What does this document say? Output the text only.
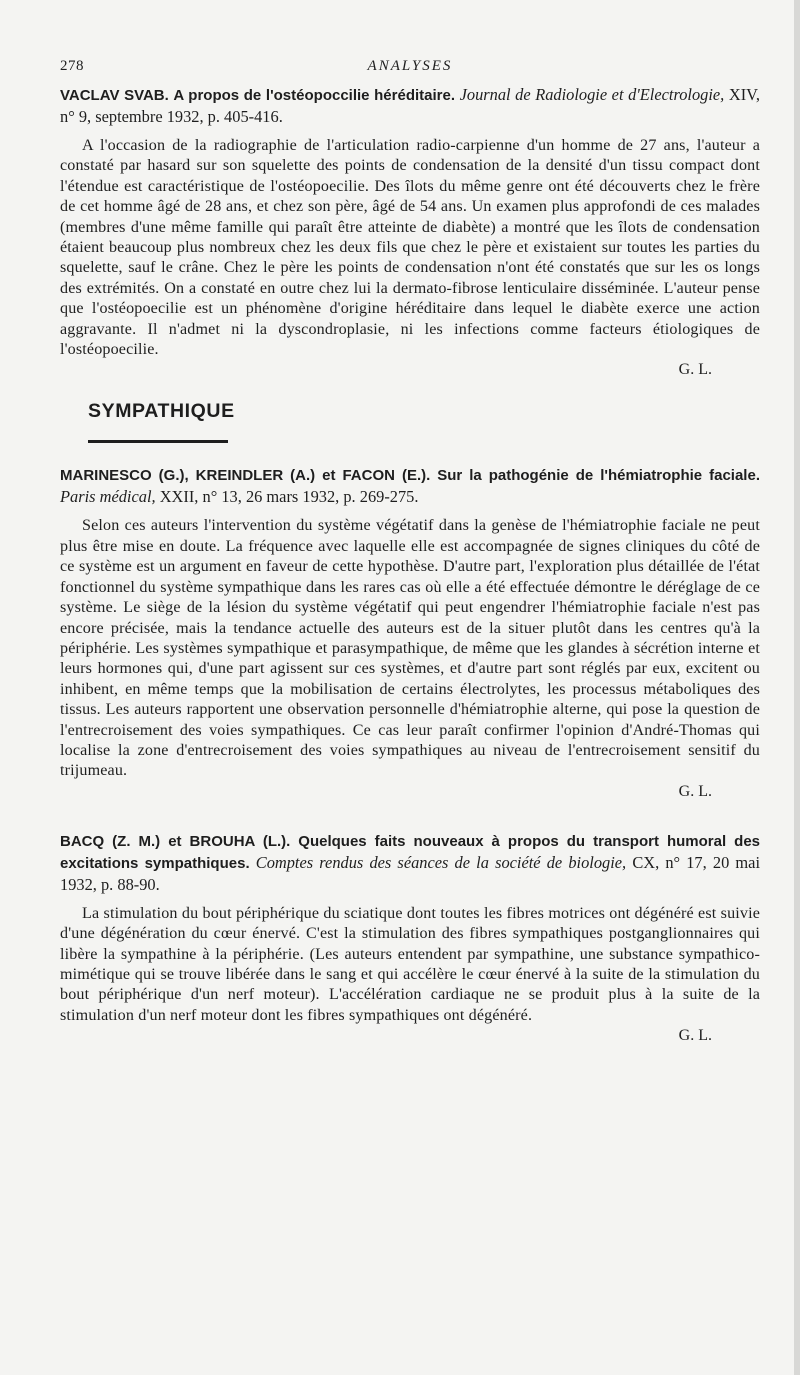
278	ANALYSES

VACLAV SVAB. A propos de l'ostéopoccilie héréditaire. Journal de Radiologie et d'Electrologie, XIV, n° 9, septembre 1932, p. 405-416.

A l'occasion de la radiographie de l'articulation radio-carpienne d'un homme de 27 ans, l'auteur a constaté par hasard sur son squelette des points de condensation de la densité d'un tissu compact dont l'étendue est caractéristique de l'ostéopoecilie. Des îlots du même genre ont été découverts chez le frère de cet homme âgé de 28 ans, et chez son père, âgé de 54 ans. Un examen plus approfondi de ces malades (membres d'une même famille qui paraît être atteinte de diabète) a montré que les îlots de condensation étaient beaucoup plus nombreux chez les deux fils que chez le père et existaient sur toutes les parties du squelette, sauf le crâne. Chez le père les points de condensation n'ont été constatés que sur les os longs des extrémités. On a constaté en outre chez lui la dermato-fibrose lenticulaire disséminée. L'auteur pense que l'ostéopoecilie est un phénomène d'origine héréditaire dans lequel le diabète exerce une action aggravante. Il n'admet ni la dyscondroplasie, ni les infections comme facteurs étiologiques de l'ostéopoecilie.

G. L.
SYMPATHIQUE

MARINESCO (G.), KREINDLER (A.) et FACON (E.). Sur la pathogénie de l'hémiatrophie faciale. Paris médical, XXII, n° 13, 26 mars 1932, p. 269-275.

Selon ces auteurs l'intervention du système végétatif dans la genèse de l'hémiatrophie faciale ne peut plus être mise en doute. La fréquence avec laquelle elle est accompagnée de signes cliniques du côté de ce système est un argument en faveur de cette hypothèse. D'autre part, l'exploration plus détaillée de l'état fonctionnel du système sympathique dans les rares cas où elle a été effectuée démontre le déréglage de ce système. Le siège de la lésion du système végétatif qui peut engendrer l'hémiatrophie faciale n'est pas encore précisée, mais la tendance actuelle des auteurs est de la situer plutôt dans les centres qu'à la périphérie. Les systèmes sympathique et parasympathique, de même que les glandes à sécrétion interne et leurs hormones qui, d'une part agissent sur ces systèmes, et d'autre part sont réglés par eux, excitent ou inhibent, en même temps que la mobilisation de certains électrolytes, les processus métaboliques des tissus. Les auteurs rapportent une observation personnelle d'hémiatrophie alterne, qui pose la question de l'entrecroisement des voies sympathiques. Ce cas leur paraît confirmer l'opinion d'André-Thomas qui localise la zone d'entrecroisement des voies sympathiques au niveau de l'entrecroisement sensitif du trijumeau.

G. L.

BACQ (Z. M.) et BROUHA (L.). Quelques faits nouveaux à propos du transport humoral des excitations sympathiques. Comptes rendus des séances de la société de biologie, CX, n° 17, 20 mai 1932, p. 88-90.

La stimulation du bout périphérique du sciatique dont toutes les fibres motrices ont dégénéré est suivie d'une dégénération du cœur énervé. C'est la stimulation des fibres sympathiques postganglionnaires qui libère la sympathine à la périphérie. (Les auteurs entendent par sympathine, une substance sympathico-mimétique qui se trouve libérée dans le sang et qui accélère le cœur énervé à la suite de la stimulation du bout périphérique d'un nerf moteur). L'accélération cardiaque ne se produit plus à la suite de la stimulation d'un nerf moteur dont les fibres sympathiques ont dégénéré.

G. L.
